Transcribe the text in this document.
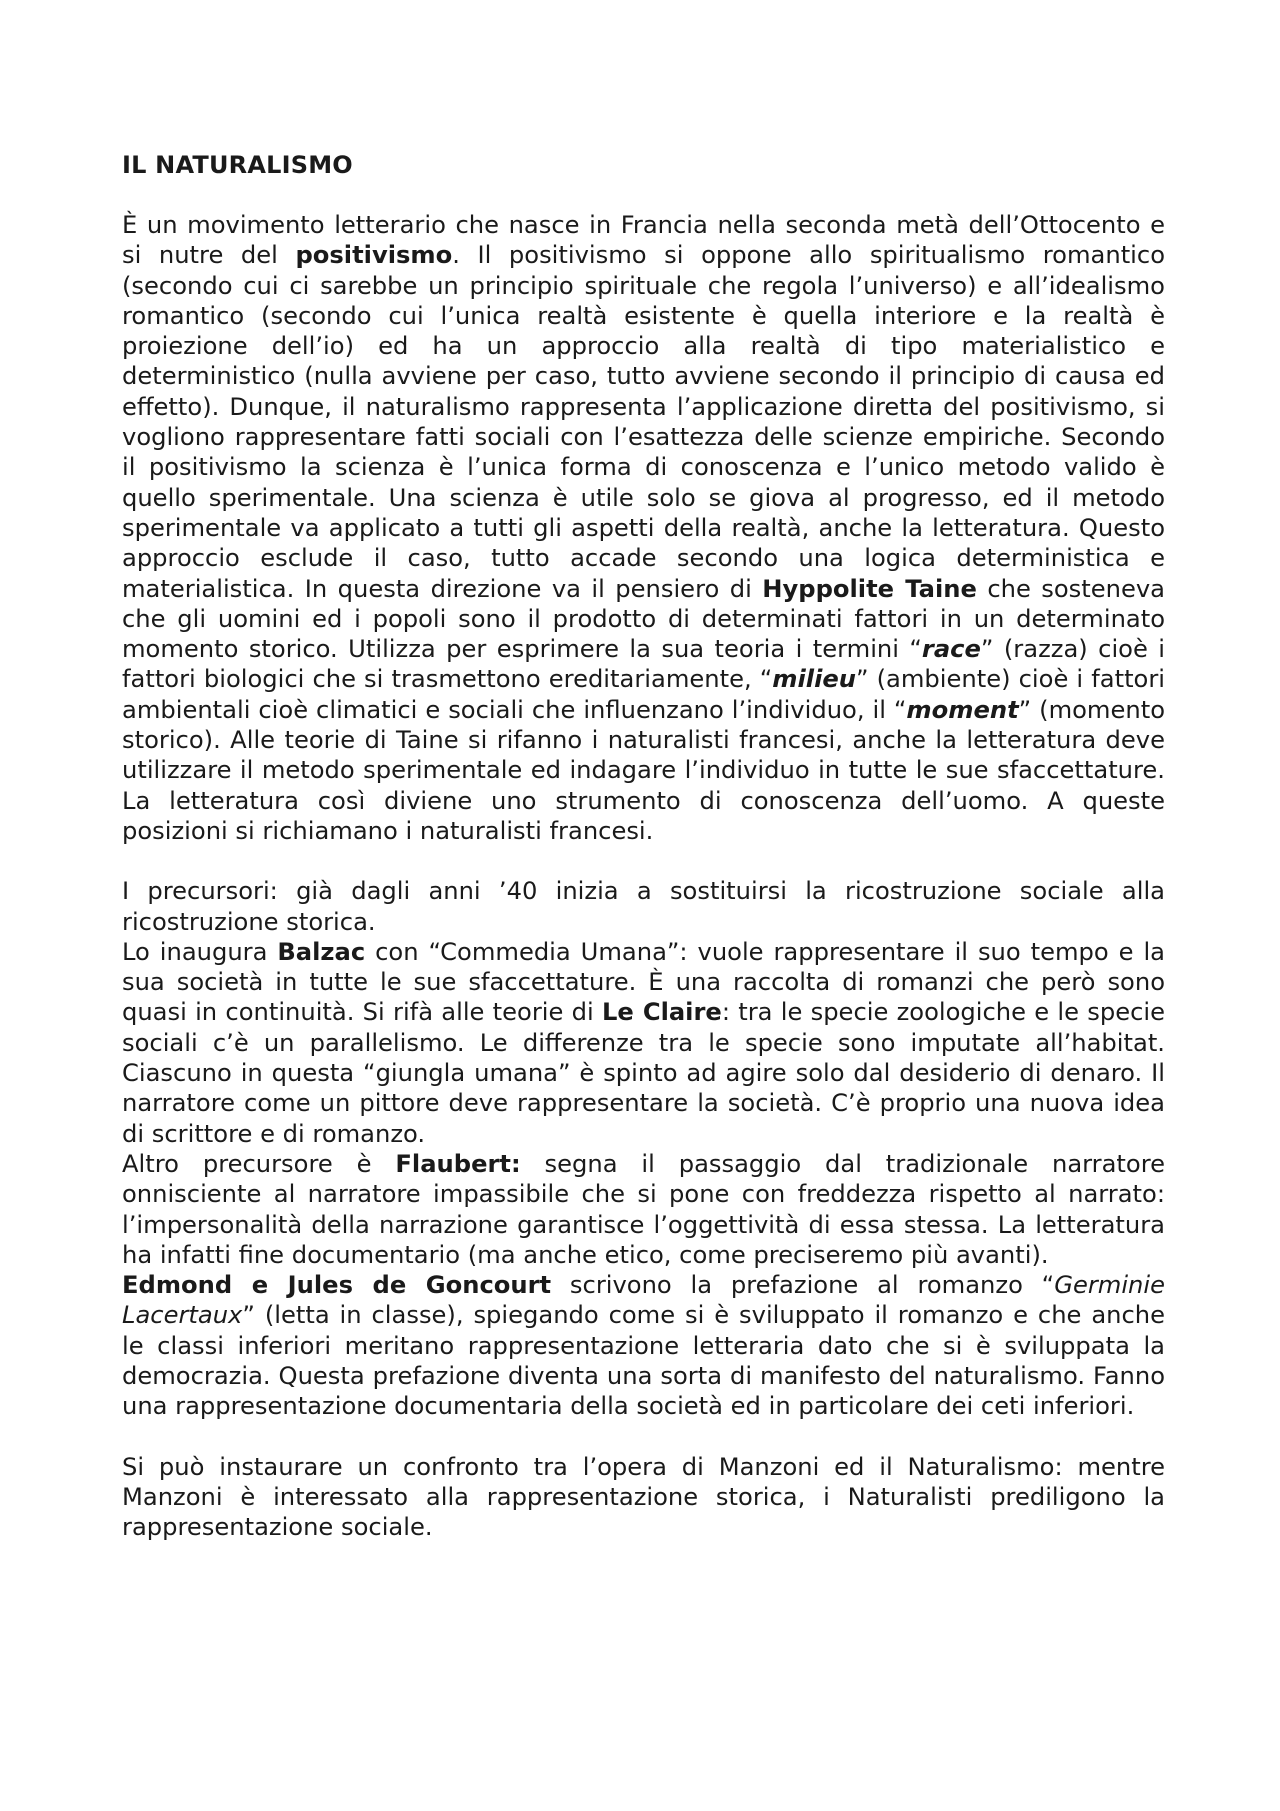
IL NATURALISMO

È un movimento letterario che nasce in Francia nella seconda metà dell’Ottocento e si nutre del positivismo. Il positivismo si oppone allo spiritualismo romantico (secondo cui ci sarebbe un principio spirituale che regola l’universo) e all’idealismo romantico (secondo cui l’unica realtà esistente è quella interiore e la realtà è proiezione dell’io) ed ha un approccio alla realtà di tipo materialistico e deterministico (nulla avviene per caso, tutto avviene secondo il principio di causa ed effetto). Dunque, il naturalismo rappresenta l’applicazione diretta del positivismo, si vogliono rappresentare fatti sociali con l’esattezza delle scienze empiriche. Secondo il positivismo la scienza è l’unica forma di conoscenza e l’unico metodo valido è quello sperimentale. Una scienza è utile solo se giova al progresso, ed il metodo sperimentale va applicato a tutti gli aspetti della realtà, anche la letteratura. Questo approccio esclude il caso, tutto accade secondo una logica deterministica e materialistica. In questa direzione va il pensiero di Hyppolite Taine che sosteneva che gli uomini ed i popoli sono il prodotto di determinati fattori in un determinato momento storico. Utilizza per esprimere la sua teoria i termini “race” (razza) cioè i fattori biologici che si trasmettono ereditariamente, “milieu” (ambiente) cioè i fattori ambientali cioè climatici e sociali che influenzano l’individuo, il “moment” (momento storico). Alle teorie di Taine si rifanno i naturalisti francesi, anche la letteratura deve utilizzare il metodo sperimentale ed indagare l’individuo in tutte le sue sfaccettature. La letteratura così diviene uno strumento di conoscenza dell’uomo. A queste posizioni si richiamano i naturalisti francesi.

I precursori: già dagli anni ’40 inizia a sostituirsi la ricostruzione sociale alla ricostruzione storica.

Lo inaugura Balzac con “Commedia Umana”: vuole rappresentare il suo tempo e la sua società in tutte le sue sfaccettature. È una raccolta di romanzi che però sono quasi in continuità. Si rifà alle teorie di Le Claire: tra le specie zoologiche e le specie sociali c’è un parallelismo. Le differenze tra le specie sono imputate all’habitat. Ciascuno in questa “giungla umana” è spinto ad agire solo dal desiderio di denaro. Il narratore come un pittore deve rappresentare la società. C’è proprio una nuova idea di scrittore e di romanzo.

Altro precursore è Flaubert: segna il passaggio dal tradizionale narratore onnisciente al narratore impassibile che si pone con freddezza rispetto al narrato: l’impersonalità della narrazione garantisce l’oggettività di essa stessa. La letteratura ha infatti fine documentario (ma anche etico, come preciseremo più avanti).

Edmond e Jules de Goncourt scrivono la prefazione al romanzo “Germinie Lacertaux” (letta in classe), spiegando come si è sviluppato il romanzo e che anche le classi inferiori meritano rappresentazione letteraria dato che si è sviluppata la democrazia. Questa prefazione diventa una sorta di manifesto del naturalismo. Fanno una rappresentazione documentaria della società ed in particolare dei ceti inferiori.

Si può instaurare un confronto tra l’opera di Manzoni ed il Naturalismo: mentre Manzoni è interessato alla rappresentazione storica, i Naturalisti prediligono la rappresentazione sociale.
